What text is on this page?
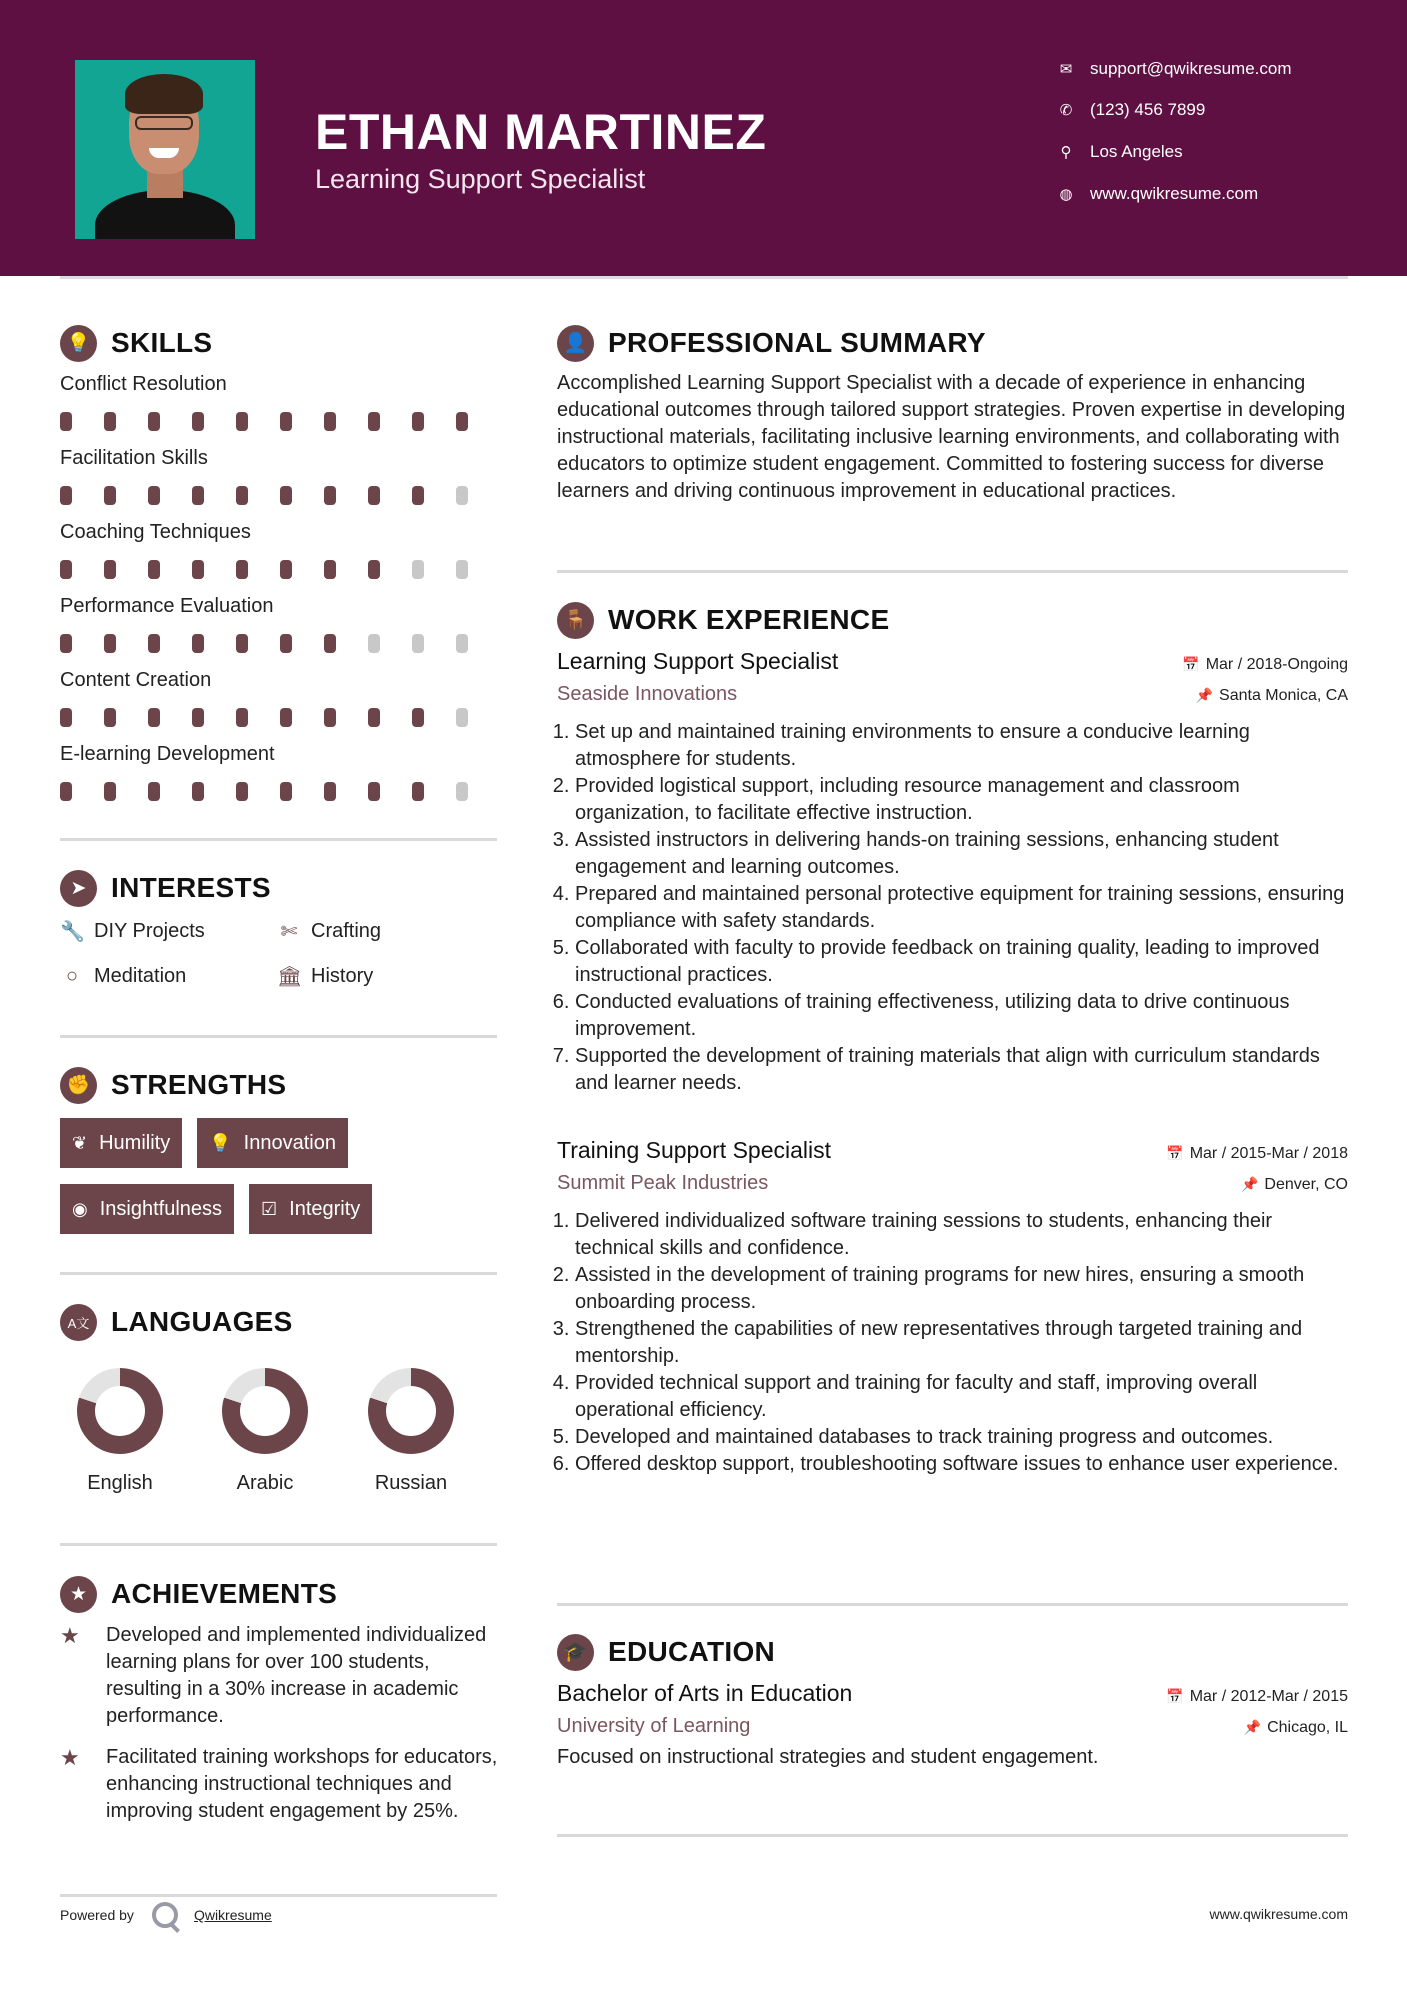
ETHAN MARTINEZ
Learning Support Specialist
✉ support@qwikresume.com
✆ (123) 456 7899
⚲	Los Angeles
◍ www.qwikresume.com
💡 SKILLS
Conflict Resolution
Facilitation Skills
Coaching Techniques
Performance Evaluation
Content Creation
E-learning Development
➤ INTERESTS
🔧 DIY Projects	✄ Crafting
○ Meditation	🏛 History
✊ STRENGTHS
❦ Humility 💡 Innovation
◉ Insightfulness ☑ Integrity
A文 LANGUAGES
English	Arabic	Russian
★ ACHIEVEMENTS
★	Developed and implemented individualized learning plans for over 100 students, resulting in a 30% increase in academic performance.
★	Facilitated training workshops for educators, enhancing instructional techniques and improving student engagement by 25%.
Powered by	Qwikresume
👤 PROFESSIONAL SUMMARY
Accomplished Learning Support Specialist with a decade of experience in enhancing educational outcomes through tailored support strategies. Proven expertise in developing instructional materials, facilitating inclusive learning environments, and collaborating with educators to optimize student engagement. Committed to fostering success for diverse learners and driving continuous improvement in educational practices.
🪑 WORK EXPERIENCE
Learning Support Specialist	📅 Mar / 2018-Ongoing
Seaside Innovations	📌 Santa Monica, CA
1. Set up and maintained training environments to ensure a conducive learning atmosphere for students.
2. Provided logistical support, including resource management and classroom organization, to facilitate effective instruction.
3. Assisted instructors in delivering hands-on training sessions, enhancing student engagement and learning outcomes.
4. Prepared and maintained personal protective equipment for training sessions, ensuring compliance with safety standards.
5. Collaborated with faculty to provide feedback on training quality, leading to improved instructional practices.
6. Conducted evaluations of training effectiveness, utilizing data to drive continuous improvement.
7. Supported the development of training materials that align with curriculum standards and learner needs.
Training Support Specialist	📅 Mar / 2015-Mar / 2018
Summit Peak Industries	📌 Denver, CO
1. Delivered individualized software training sessions to students, enhancing their technical skills and confidence.
2. Assisted in the development of training programs for new hires, ensuring a smooth onboarding process.
3. Strengthened the capabilities of new representatives through targeted training and mentorship.
4. Provided technical support and training for faculty and staff, improving overall operational efficiency.
5. Developed and maintained databases to track training progress and outcomes.
6. Offered desktop support, troubleshooting software issues to enhance user experience.
🎓 EDUCATION
Bachelor of Arts in Education	📅 Mar / 2012-Mar / 2015
University of Learning	📌 Chicago, IL
Focused on instructional strategies and student engagement.
www.qwikresume.com
